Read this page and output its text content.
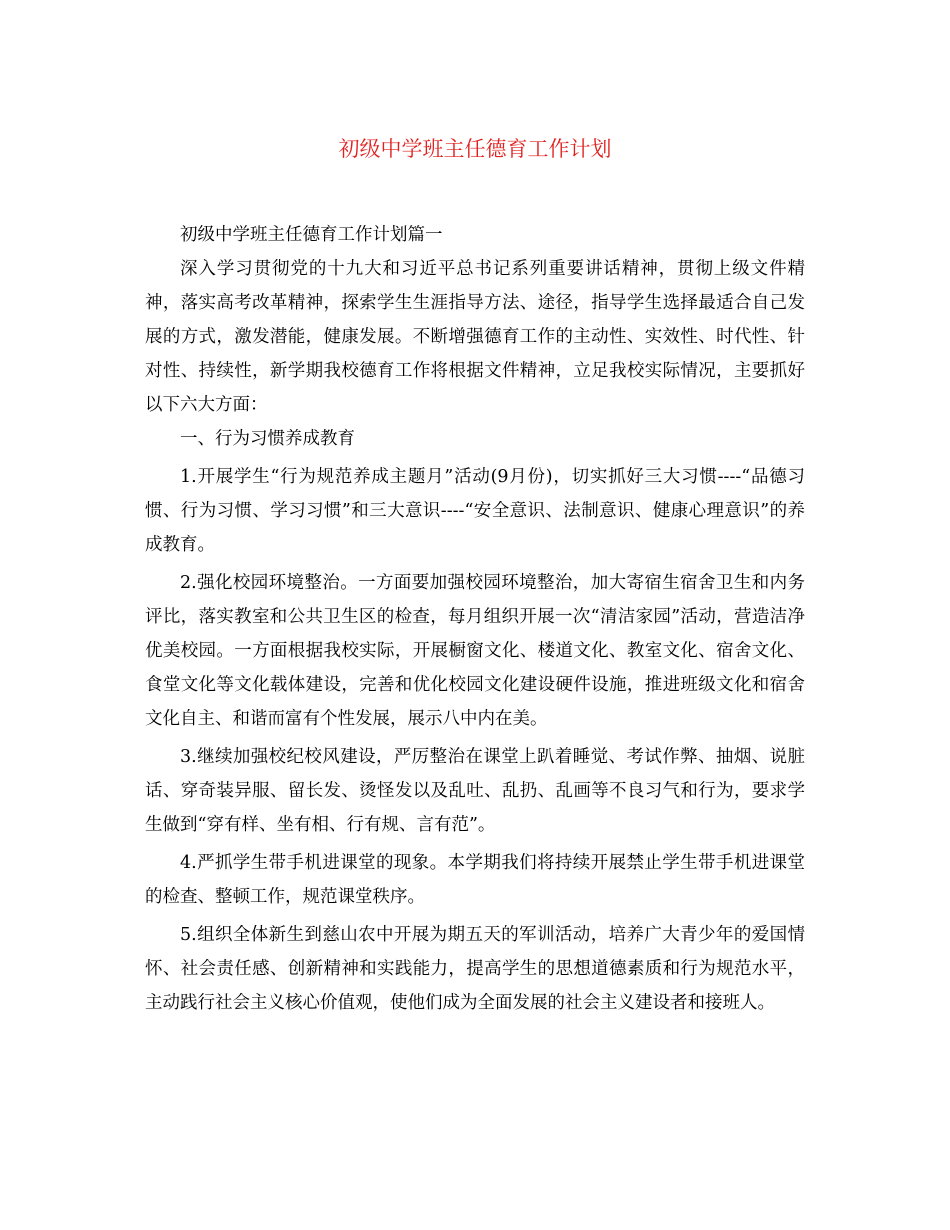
初级中学班主任德育工作计划

初级中学班主任德育工作计划篇一

深入学习贯彻党的十九大和习近平总书记系列重要讲话精神，贯彻上级文件精神，落实高考改革精神，探索学生生涯指导方法、途径，指导学生选择最适合自己发展的方式，激发潜能，健康发展。不断增强德育工作的主动性、实效性、时代性、针对性、持续性，新学期我校德育工作将根据文件精神，立足我校实际情况，主要抓好以下六大方面：

一、行为习惯养成教育

1.开展学生“行为规范养成主题月”活动(9月份)，切实抓好三大习惯----“品德习惯、行为习惯、学习习惯”和三大意识----“安全意识、法制意识、健康心理意识”的养成教育。

2.强化校园环境整治。一方面要加强校园环境整治，加大寄宿生宿舍卫生和内务评比，落实教室和公共卫生区的检查，每月组织开展一次“清洁家园”活动，营造洁净优美校园。一方面根据我校实际，开展橱窗文化、楼道文化、教室文化、宿舍文化、食堂文化等文化载体建设，完善和优化校园文化建设硬件设施，推进班级文化和宿舍文化自主、和谐而富有个性发展，展示八中内在美。

3.继续加强校纪校风建设，严厉整治在课堂上趴着睡觉、考试作弊、抽烟、说脏话、穿奇装异服、留长发、烫怪发以及乱吐、乱扔、乱画等不良习气和行为，要求学生做到“穿有样、坐有相、行有规、言有范”。

4.严抓学生带手机进课堂的现象。本学期我们将持续开展禁止学生带手机进课堂的检查、整顿工作，规范课堂秩序。

5.组织全体新生到慈山农中开展为期五天的军训活动，培养广大青少年的爱国情怀、社会责任感、创新精神和实践能力，提高学生的思想道德素质和行为规范水平，主动践行社会主义核心价值观，使他们成为全面发展的社会主义建设者和接班人。
